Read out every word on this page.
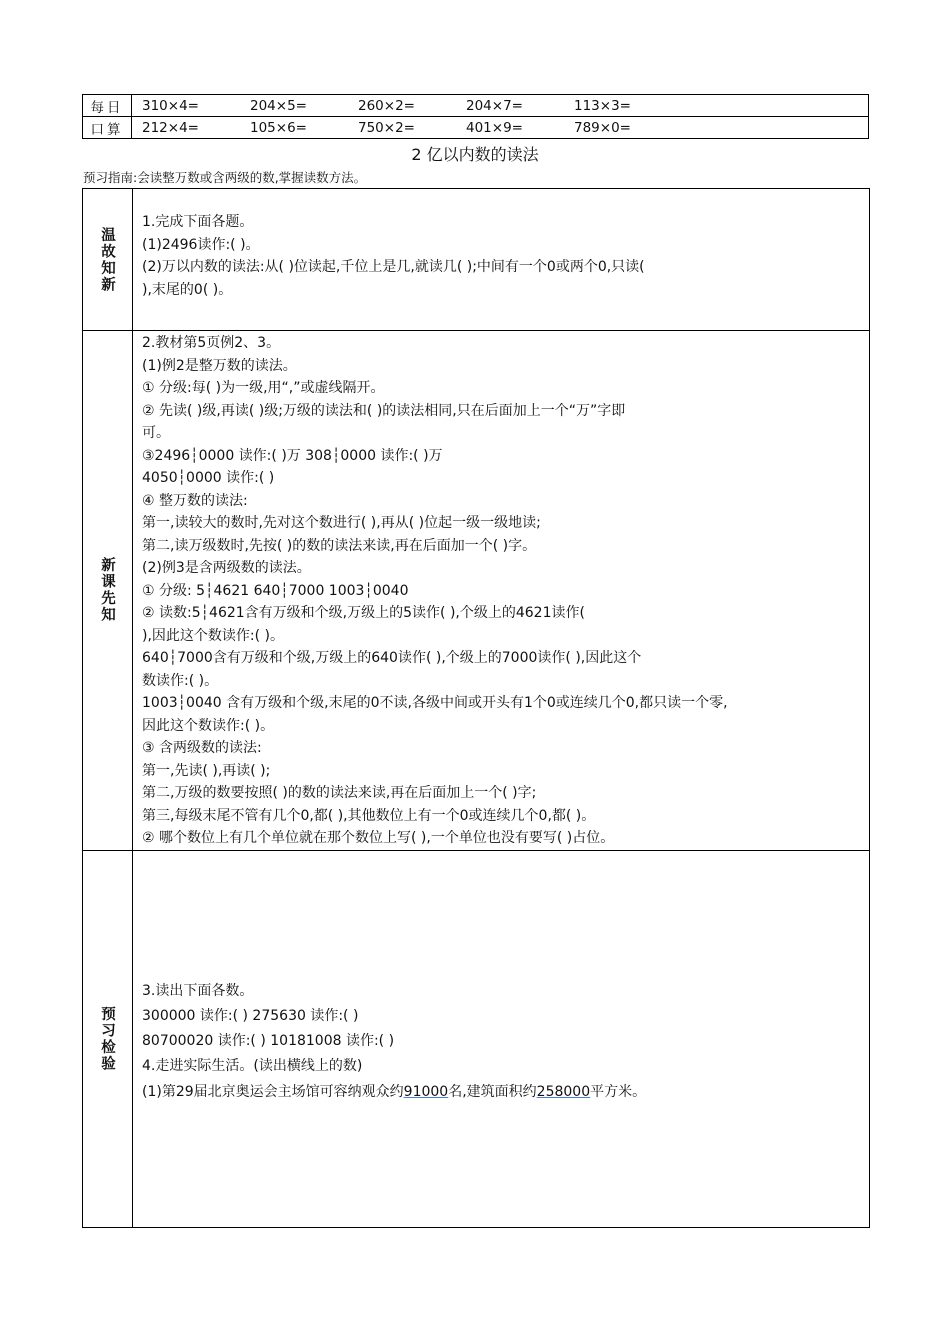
每日	310×4= 204×5= 260×2= 204×7= 113×3=

口算	212×4= 105×6= 750×2= 401×9= 789×0=
2 亿以内数的读法
预习指南:会读整万数或含两级的数,掌握读数方法。
温故知新
1.完成下面各题。
(1)2496读作:( )。
(2)万以内数的读法:从( )位读起,千位上是几,就读几( );中间有一个0或两个0,只读(
),末尾的0( )。
新课先知
2.教材第5页例2、3。
(1)例2是整万数的读法。
① 分级:每( )为一级,用“,”或虚线隔开。
② 先读( )级,再读( )级;万级的读法和( )的读法相同,只在后面加上一个“万”字即
可。
③2496┆0000 读作:( )万 308┆0000 读作:( )万
4050┆0000 读作:( )
④ 整万数的读法:
第一,读较大的数时,先对这个数进行( ),再从( )位起一级一级地读;
第二,读万级数时,先按( )的数的读法来读,再在后面加一个( )字。
(2)例3是含两级数的读法。
① 分级: 5┆4621 640┆7000 1003┆0040
② 读数:5┆4621含有万级和个级,万级上的5读作( ),个级上的4621读作(
),因此这个数读作:( )。
640┆7000含有万级和个级,万级上的640读作( ),个级上的7000读作( ),因此这个
数读作:( )。
1003┆0040 含有万级和个级,末尾的0不读,各级中间或开头有1个0或连续几个0,都只读一个零,
因此这个数读作:( )。
③ 含两级数的读法:
第一,先读( ),再读( );
第二,万级的数要按照( )的数的读法来读,再在后面加上一个( )字;
第三,每级末尾不管有几个0,都( ),其他数位上有一个0或连续几个0,都( )。
② 哪个数位上有几个单位就在那个数位上写( ),一个单位也没有要写( )占位。
预习检验
3.读出下面各数。
300000 读作:( ) 275630 读作:( )
80700020 读作:( ) 10181008 读作:( )
4.走进实际生活。(读出横线上的数)
(1)第29届北京奥运会主场馆可容纳观众约91000名,建筑面积约258000平方米。
